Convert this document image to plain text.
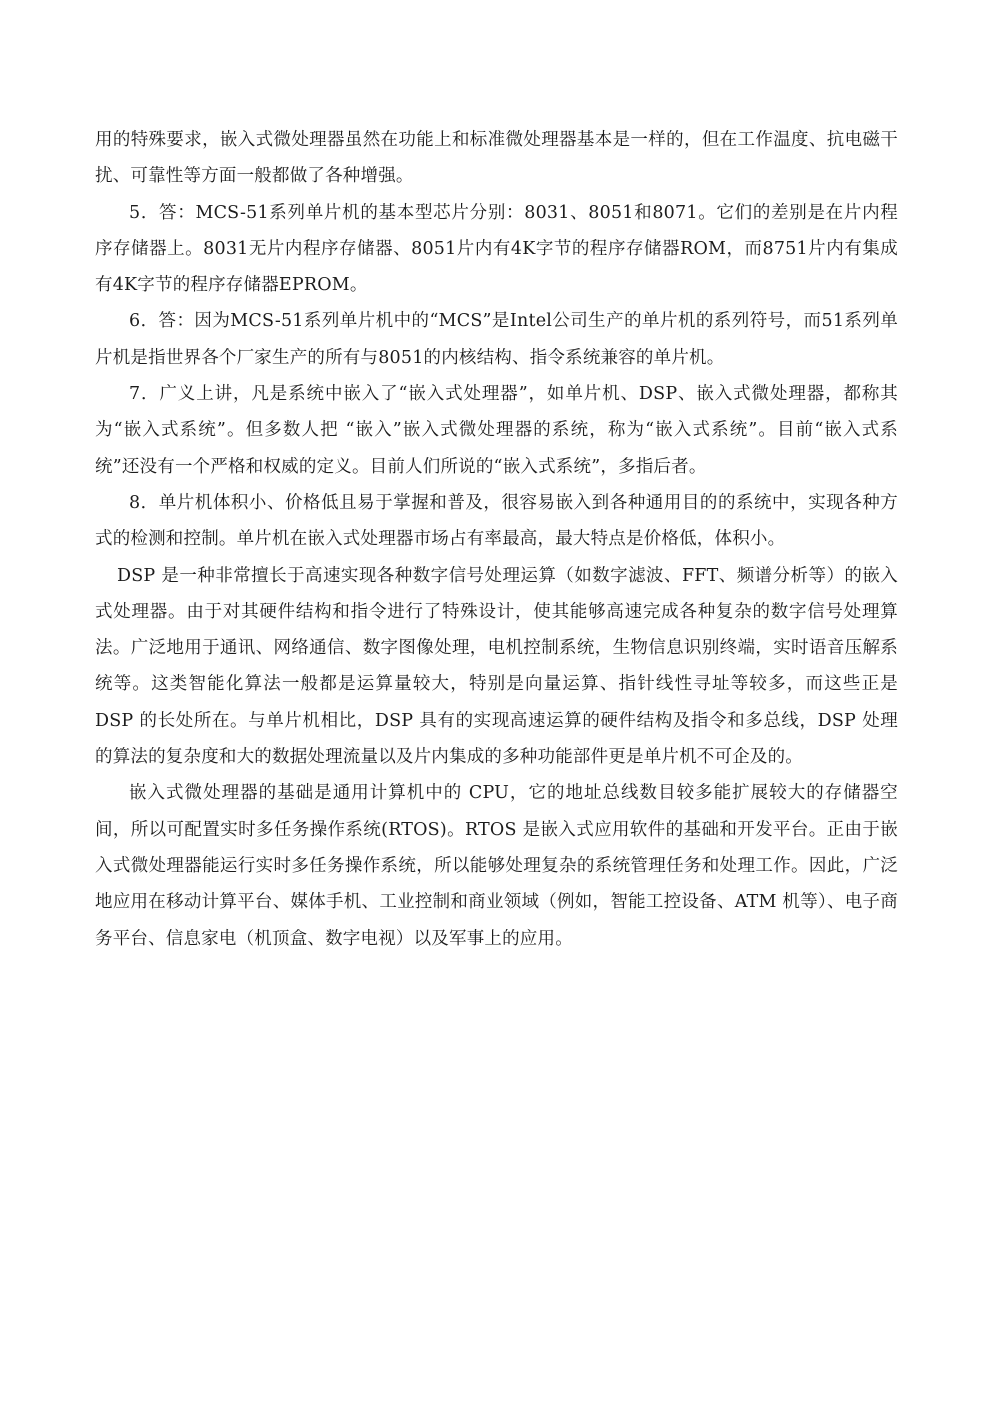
用的特殊要求，嵌入式微处理器虽然在功能上和标准微处理器基本是一样的，但在工作温度、抗电磁干扰、可靠性等方面一般都做了各种增强。

5．答：MCS-51系列单片机的基本型芯片分别：8031、8051和8071。它们的差别是在片内程序存储器上。8031无片内程序存储器、8051片内有4K字节的程序存储器ROM，而8751片内有集成有4K字节的程序存储器EPROM。

6．答：因为MCS-51系列单片机中的“MCS”是Intel公司生产的单片机的系列符号，而51系列单片机是指世界各个厂家生产的所有与8051的内核结构、指令系统兼容的单片机。

7．广义上讲，凡是系统中嵌入了“嵌入式处理器”，如单片机、DSP、嵌入式微处理器，都称其为“嵌入式系统”。但多数人把 “嵌入”嵌入式微处理器的系统，称为“嵌入式系统”。目前“嵌入式系统”还没有一个严格和权威的定义。目前人们所说的“嵌入式系统”，多指后者。

8．单片机体积小、价格低且易于掌握和普及，很容易嵌入到各种通用目的的系统中，实现各种方式的检测和控制。单片机在嵌入式处理器市场占有率最高，最大特点是价格低，体积小。

DSP 是一种非常擅长于高速实现各种数字信号处理运算（如数字滤波、FFT、频谱分析等）的嵌入式处理器。由于对其硬件结构和指令进行了特殊设计，使其能够高速完成各种复杂的数字信号处理算法。广泛地用于通讯、网络通信、数字图像处理，电机控制系统，生物信息识别终端，实时语音压解系统等。这类智能化算法一般都是运算量较大，特别是向量运算、指针线性寻址等较多，而这些正是 DSP 的长处所在。与单片机相比，DSP 具有的实现高速运算的硬件结构及指令和多总线，DSP 处理的算法的复杂度和大的数据处理流量以及片内集成的多种功能部件更是单片机不可企及的。

嵌入式微处理器的基础是通用计算机中的 CPU，它的地址总线数目较多能扩展较大的存储器空间，所以可配置实时多任务操作系统(RTOS)。RTOS 是嵌入式应用软件的基础和开发平台。正由于嵌入式微处理器能运行实时多任务操作系统，所以能够处理复杂的系统管理任务和处理工作。因此，广泛地应用在移动计算平台、媒体手机、工业控制和商业领域（例如，智能工控设备、ATM 机等）、电子商务平台、信息家电（机顶盒、数字电视）以及军事上的应用。
